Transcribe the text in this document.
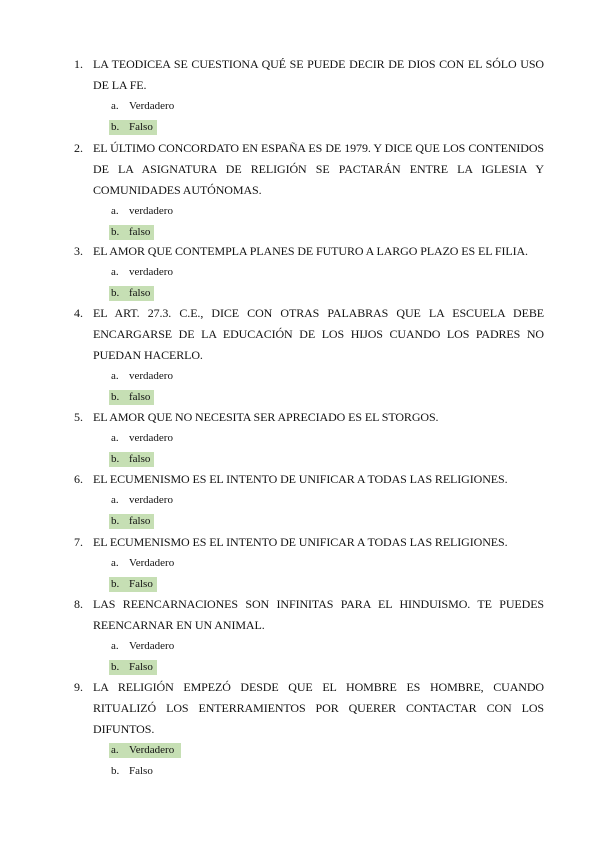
1. LA TEODICEA SE CUESTIONA QUÉ SE PUEDE DECIR DE DIOS CON EL SÓLO USO DE LA FE.
a. Verdadero
b. Falso
2. EL ÚLTIMO CONCORDATO EN ESPAÑA ES DE 1979. Y DICE QUE LOS CONTENIDOS DE LA ASIGNATURA DE RELIGIÓN SE PACTARÁN ENTRE LA IGLESIA Y COMUNIDADES AUTÓNOMAS.
a. verdadero
b. falso
3. EL AMOR QUE CONTEMPLA PLANES DE FUTURO A LARGO PLAZO ES EL FILIA.
a. verdadero
b. falso
4. EL ART. 27.3. C.E., DICE CON OTRAS PALABRAS QUE LA ESCUELA DEBE ENCARGARSE DE LA EDUCACIÓN DE LOS HIJOS CUANDO LOS PADRES NO PUEDAN HACERLO.
a. verdadero
b. falso
5. EL AMOR QUE NO NECESITA SER APRECIADO ES EL STORGOS.
a. verdadero
b. falso
6. EL ECUMENISMO ES EL INTENTO DE UNIFICAR A TODAS LAS RELIGIONES.
a. verdadero
b. falso
7. EL ECUMENISMO ES EL INTENTO DE UNIFICAR A TODAS LAS RELIGIONES.
a. Verdadero
b. Falso
8. LAS REENCARNACIONES SON INFINITAS PARA EL HINDUISMO. TE PUEDES REENCARNAR EN UN ANIMAL.
a. Verdadero
b. Falso
9. LA RELIGIÓN EMPEZÓ DESDE QUE EL HOMBRE ES HOMBRE, CUANDO RITUALIZÓ LOS ENTERRAMIENTOS POR QUERER CONTACTAR CON LOS DIFUNTOS.
a. Verdadero
b. Falso
